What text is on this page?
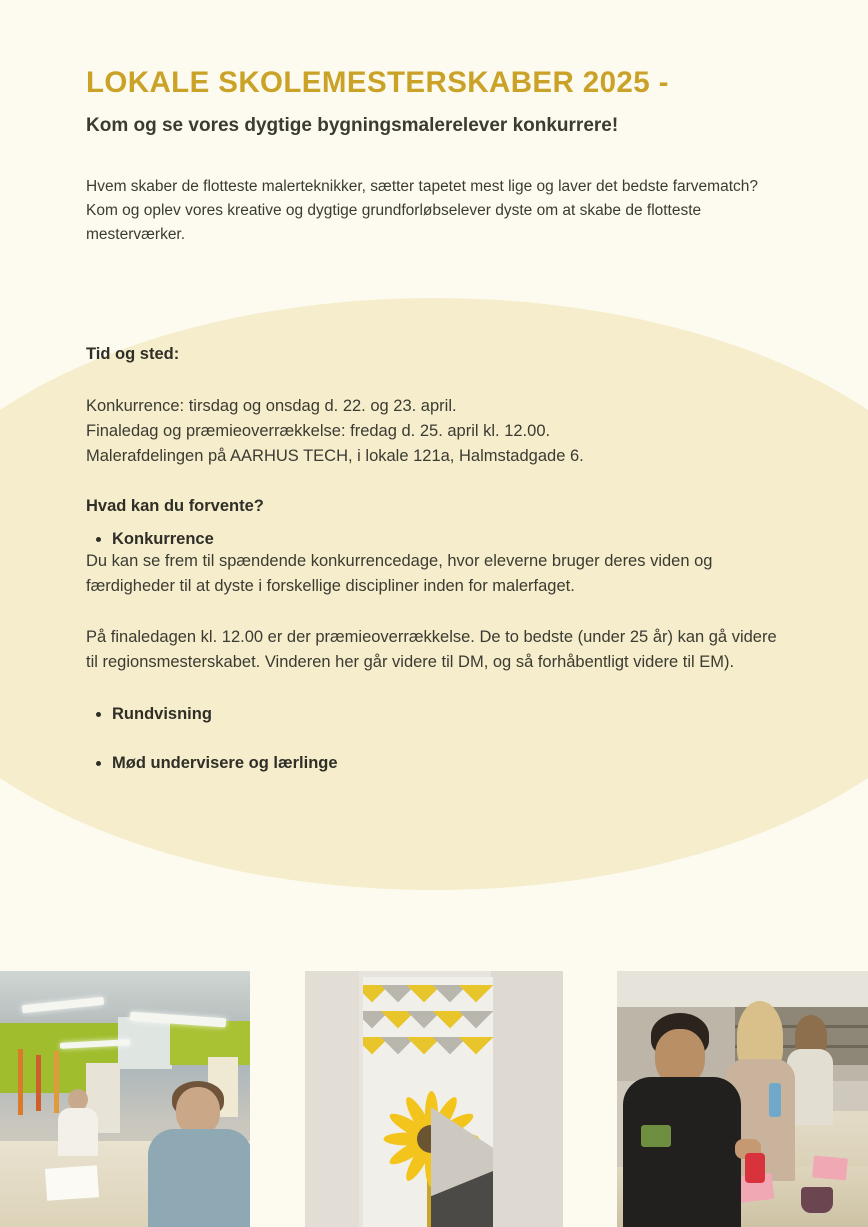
LOKALE SKOLEMESTERSKABER 2025 -

Kom og se vores dygtige bygningsmalerelever konkurrere!

Hvem skaber de flotteste malerteknikker, sætter tapetet mest lige og laver det bedste farvematch? Kom og oplev vores kreative og dygtige grundforløbselever dyste om at skabe de flotteste mesterværker.

Tid og sted:

Konkurrence: tirsdag og onsdag d. 22. og 23. april.
Finaledag og præmieoverrækkelse: fredag d. 25. april kl. 12.00.
Malerafdelingen på AARHUS TECH, i lokale 121a, Halmstadgade 6.

Hvad kan du forvente?

• Konkurrence

Du kan se frem til spændende konkurrencedage, hvor eleverne bruger deres viden og færdigheder til at dyste i forskellige discipliner inden for malerfaget.

På finaledagen kl. 12.00 er der præmieoverrækkelse. De to bedste (under 25 år) kan gå videre til regionsmesterskabet. Vinderen her går videre til DM, og så forhåbentligt videre til EM).

• Rundvisning
• Mød undervisere og lærlinge
